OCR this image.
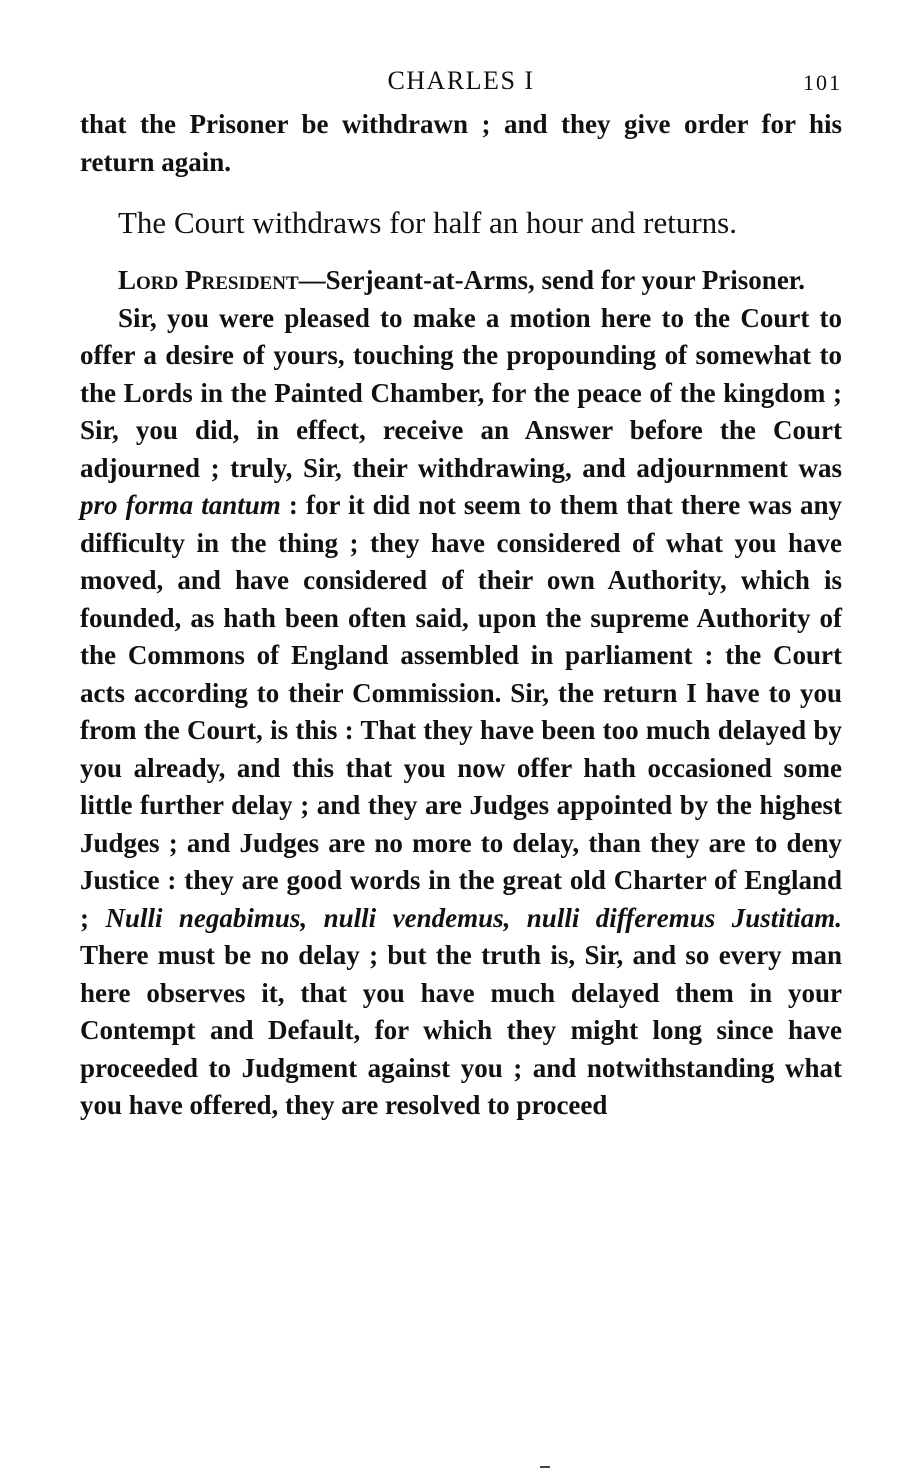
CHARLES I	101

that the Prisoner be withdrawn ; and they give order for his return again.

The Court withdraws for half an hour and returns.

Lord President—Serjeant-at-Arms, send for your Prisoner.

Sir, you were pleased to make a motion here to the Court to offer a desire of yours, touching the propounding of somewhat to the Lords in the Painted Chamber, for the peace of the kingdom ; Sir, you did, in effect, receive an Answer before the Court adjourned ; truly, Sir, their withdrawing, and adjournment was pro forma tantum : for it did not seem to them that there was any difficulty in the thing ; they have considered of what you have moved, and have considered of their own Authority, which is founded, as hath been often said, upon the supreme Authority of the Commons of England assembled in parliament : the Court acts according to their Commission. Sir, the return I have to you from the Court, is this : That they have been too much delayed by you already, and this that you now offer hath occasioned some little further delay ; and they are Judges appointed by the highest Judges ; and Judges are no more to delay, than they are to deny Justice : they are good words in the great old Charter of England ; Nulli negabimus, nulli vendemus, nulli differemus Justitiam. There must be no delay ; but the truth is, Sir, and so every man here observes it, that you have much delayed them in your Contempt and Default, for which they might long since have proceeded to Judgment against you ; and notwithstanding what you have offered, they are resolved to proceed
